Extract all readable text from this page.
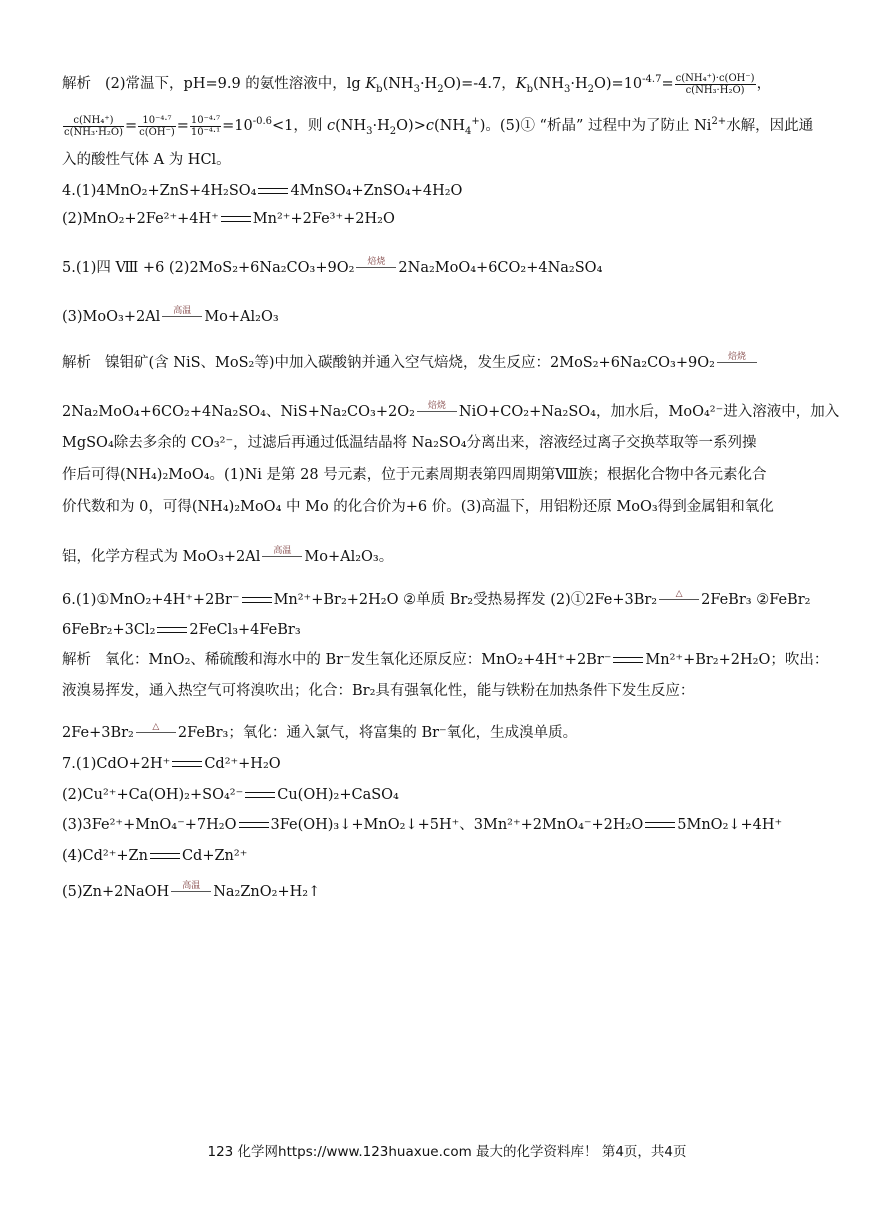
解析 (2)常温下，pH=9.9 的氨性溶液中，$\lg K_b(NH_3\cdot H_2O)=-4.7$，$K_b(NH_3\cdot H_2O)=10^{-4.7}= \frac{\text{c(NH₄⁺)·c(OH⁻)}}{\text{c(NH₃·H₂O)}}$ ，
$\frac{\text{c(NH₄⁺)}}{\text{c(NH₃·H₂O)}} = \frac{\text{10⁻⁴·⁷}}{c(OH^-)} = \frac{\text{10⁻⁴·⁷}}{\text{10⁻⁴·¹}} =10^{-0.6}<1$，则 $c(NH_3\cdot H_2O)>c(NH_4^+)$。(5)① “析晶” 过程中为了防止 $Ni^{2+}$水解，因此通
入的酸性气体 A 为 HCl。
4.(1)4MnO₂+ZnS+4H₂SO₄ 4MnSO₄+ZnSO₄+4H₂O
(2)MnO₂+2Fe²⁺+4H⁺ Mn²⁺+2Fe³⁺+2H₂O
5.(1)四 Ⅷ +6 (2)2MoS₂+6Na₂CO₃+9O₂	焙烧 2Na₂MoO₄+6CO₂+4Na₂SO₄
(3)MoO₃+2Al	高温 Mo+Al₂O₃
解析 镍钼矿(含 NiS、MoS₂等)中加入碳酸钠并通入空气焙烧，发生反应：2MoS₂+6Na₂CO₃+9O₂	焙烧
2Na₂MoO₄+6CO₂+4Na₂SO₄、NiS+Na₂CO₃+2O₂	焙烧 NiO+CO₂+Na₂SO₄，加水后，MoO₄²⁻进入溶液中，加入
MgSO₄除去多余的 CO₃²⁻，过滤后再通过低温结晶将 Na₂SO₄分离出来，溶液经过离子交换萃取等一系列操
作后可得(NH₄)₂MoO₄。(1)Ni 是第 28 号元素，位于元素周期表第四周期第Ⅷ族；根据化合物中各元素化合
价代数和为 0，可得(NH₄)₂MoO₄ 中 Mo 的化合价为+6 价。(3)高温下，用铝粉还原 MoO₃得到金属钼和氧化
铝，化学方程式为 MoO₃+2Al	高温 Mo+Al₂O₃。
6.(1)①MnO₂+4H⁺+2Br⁻ Mn²⁺+Br₂+2H₂O ②单质 Br₂受热易挥发 (2)①2Fe+3Br₂	△	2FeBr₃ ②FeBr₂
6FeBr₂+3Cl₂ 2FeCl₃+4FeBr₃
解析 氧化：MnO₂、稀硫酸和海水中的 Br⁻发生氧化还原反应：MnO₂+4H⁺+2Br⁻ Mn²⁺+Br₂+2H₂O；吹出：
液溴易挥发，通入热空气可将溴吹出；化合：Br₂具有强氧化性，能与铁粉在加热条件下发生反应：
2Fe+3Br₂	△	2FeBr₃；氧化：通入氯气，将富集的 Br⁻氧化，生成溴单质。
7.(1)CdO+2H⁺ Cd²⁺+H₂O
(2)Cu²⁺+Ca(OH)₂+SO₄²⁻ Cu(OH)₂+CaSO₄
(3)3Fe²⁺+MnO₄⁻+7H₂O 3Fe(OH)₃↓+MnO₂↓+5H⁺、3Mn²⁺+2MnO₄⁻+2H₂O 5MnO₂↓+4H⁺
(4)Cd²⁺+Zn Cd+Zn²⁺
(5)Zn+2NaOH	高温 Na₂ZnO₂+H₂↑
123 化学网https://www.123huaxue.com 最大的化学资料库！ 第4页，共4页
